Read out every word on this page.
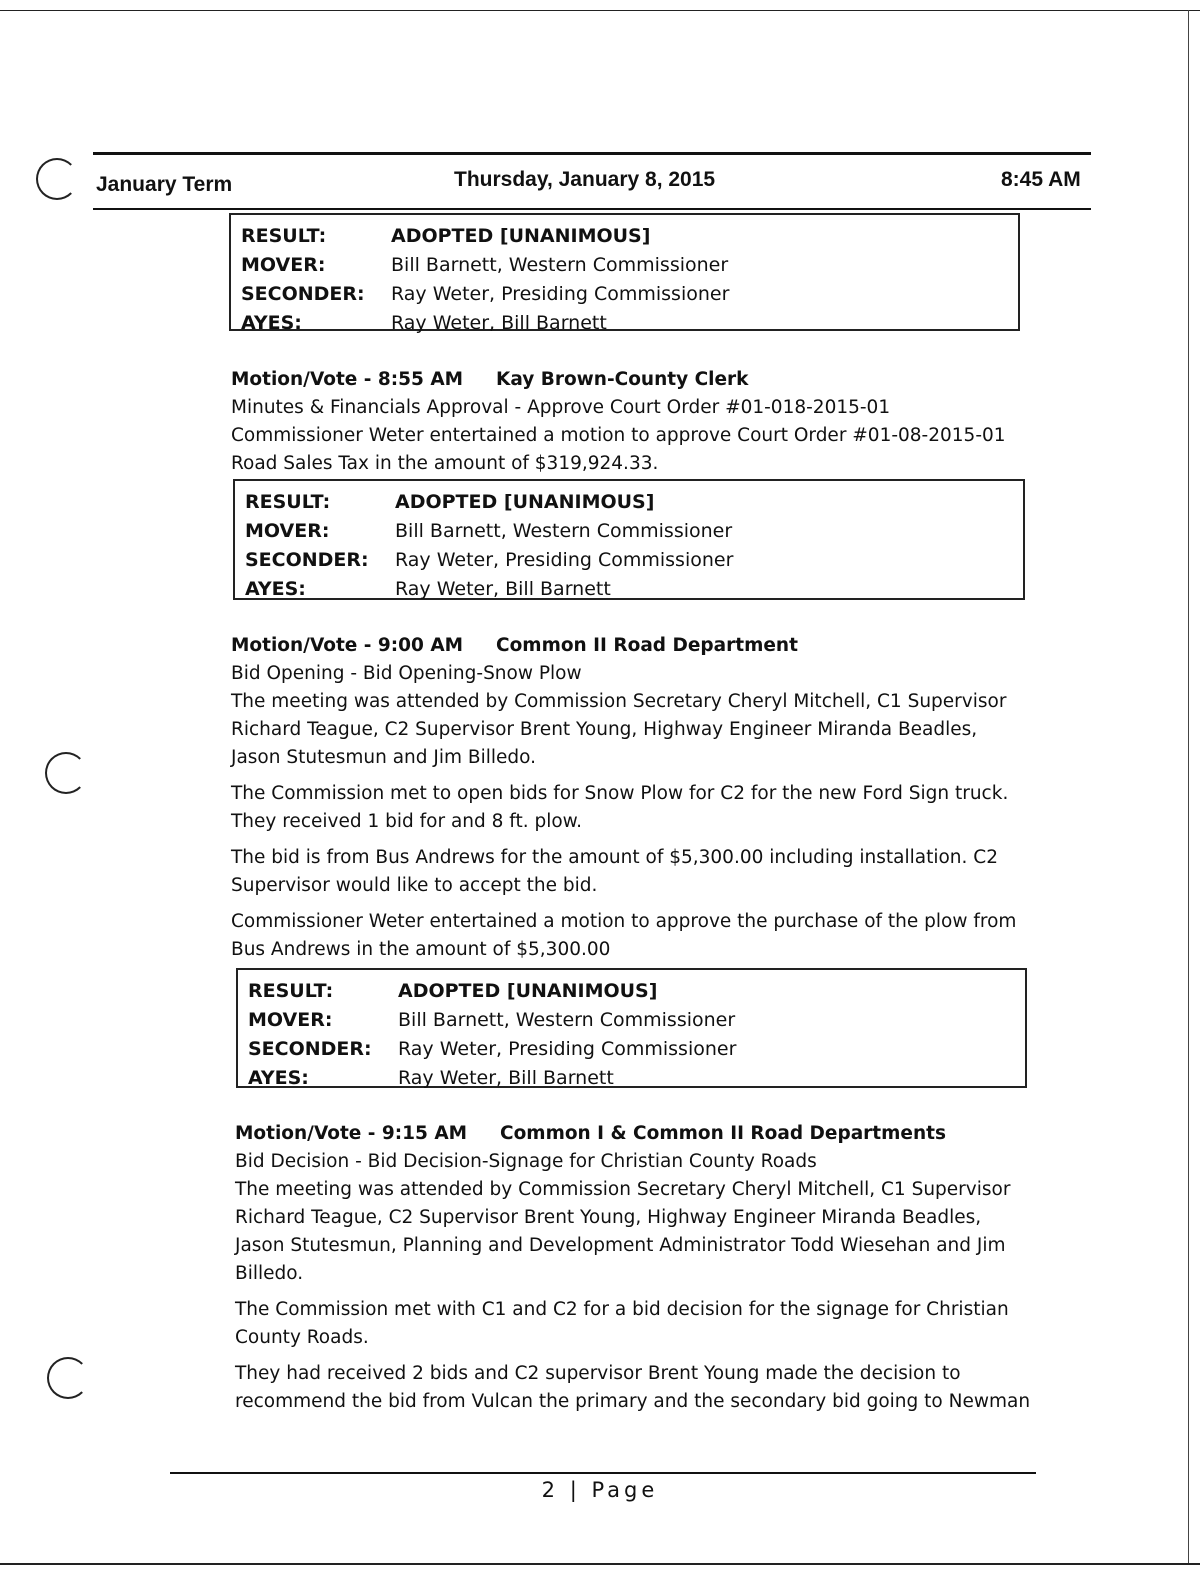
January Term	Thursday, January 8, 2015	8:45 AM
RESULT:	ADOPTED [UNANIMOUS]
MOVER:	Bill Barnett, Western Commissioner
SECONDER:	Ray Weter, Presiding Commissioner
AYES:	Ray Weter, Bill Barnett
Motion/Vote - 8:55 AM	Kay Brown-County Clerk

Minutes & Financials Approval - Approve Court Order #01-018-2015-01

Commissioner Weter entertained a motion to approve Court Order #01-08-2015-01 Road Sales Tax in the amount of $319,924.33.

RESULT:	ADOPTED [UNANIMOUS]
MOVER:	Bill Barnett, Western Commissioner
SECONDER:	Ray Weter, Presiding Commissioner
AYES:	Ray Weter, Bill Barnett
Motion/Vote - 9:00 AM	Common II Road Department

Bid Opening - Bid Opening-Snow Plow

The meeting was attended by Commission Secretary Cheryl Mitchell, C1 Supervisor Richard Teague, C2 Supervisor Brent Young, Highway Engineer Miranda Beadles, Jason Stutesmun and Jim Billedo.

The Commission met to open bids for Snow Plow for C2 for the new Ford Sign truck. They received 1 bid for and 8 ft. plow.

The bid is from Bus Andrews for the amount of $5,300.00 including installation. C2 Supervisor would like to accept the bid.

Commissioner Weter entertained a motion to approve the purchase of the plow from Bus Andrews in the amount of $5,300.00

RESULT:	ADOPTED [UNANIMOUS]
MOVER:	Bill Barnett, Western Commissioner
SECONDER:	Ray Weter, Presiding Commissioner
AYES:	Ray Weter, Bill Barnett
Motion/Vote - 9:15 AM	Common I & Common II Road Departments

Bid Decision - Bid Decision-Signage for Christian County Roads

The meeting was attended by Commission Secretary Cheryl Mitchell, C1 Supervisor Richard Teague, C2 Supervisor Brent Young, Highway Engineer Miranda Beadles, Jason Stutesmun, Planning and Development Administrator Todd Wiesehan and Jim Billedo.

The Commission met with C1 and C2 for a bid decision for the signage for Christian County Roads.

They had received 2 bids and C2 supervisor Brent Young made the decision to recommend the bid from Vulcan the primary and the secondary bid going to Newman

2 | Page
